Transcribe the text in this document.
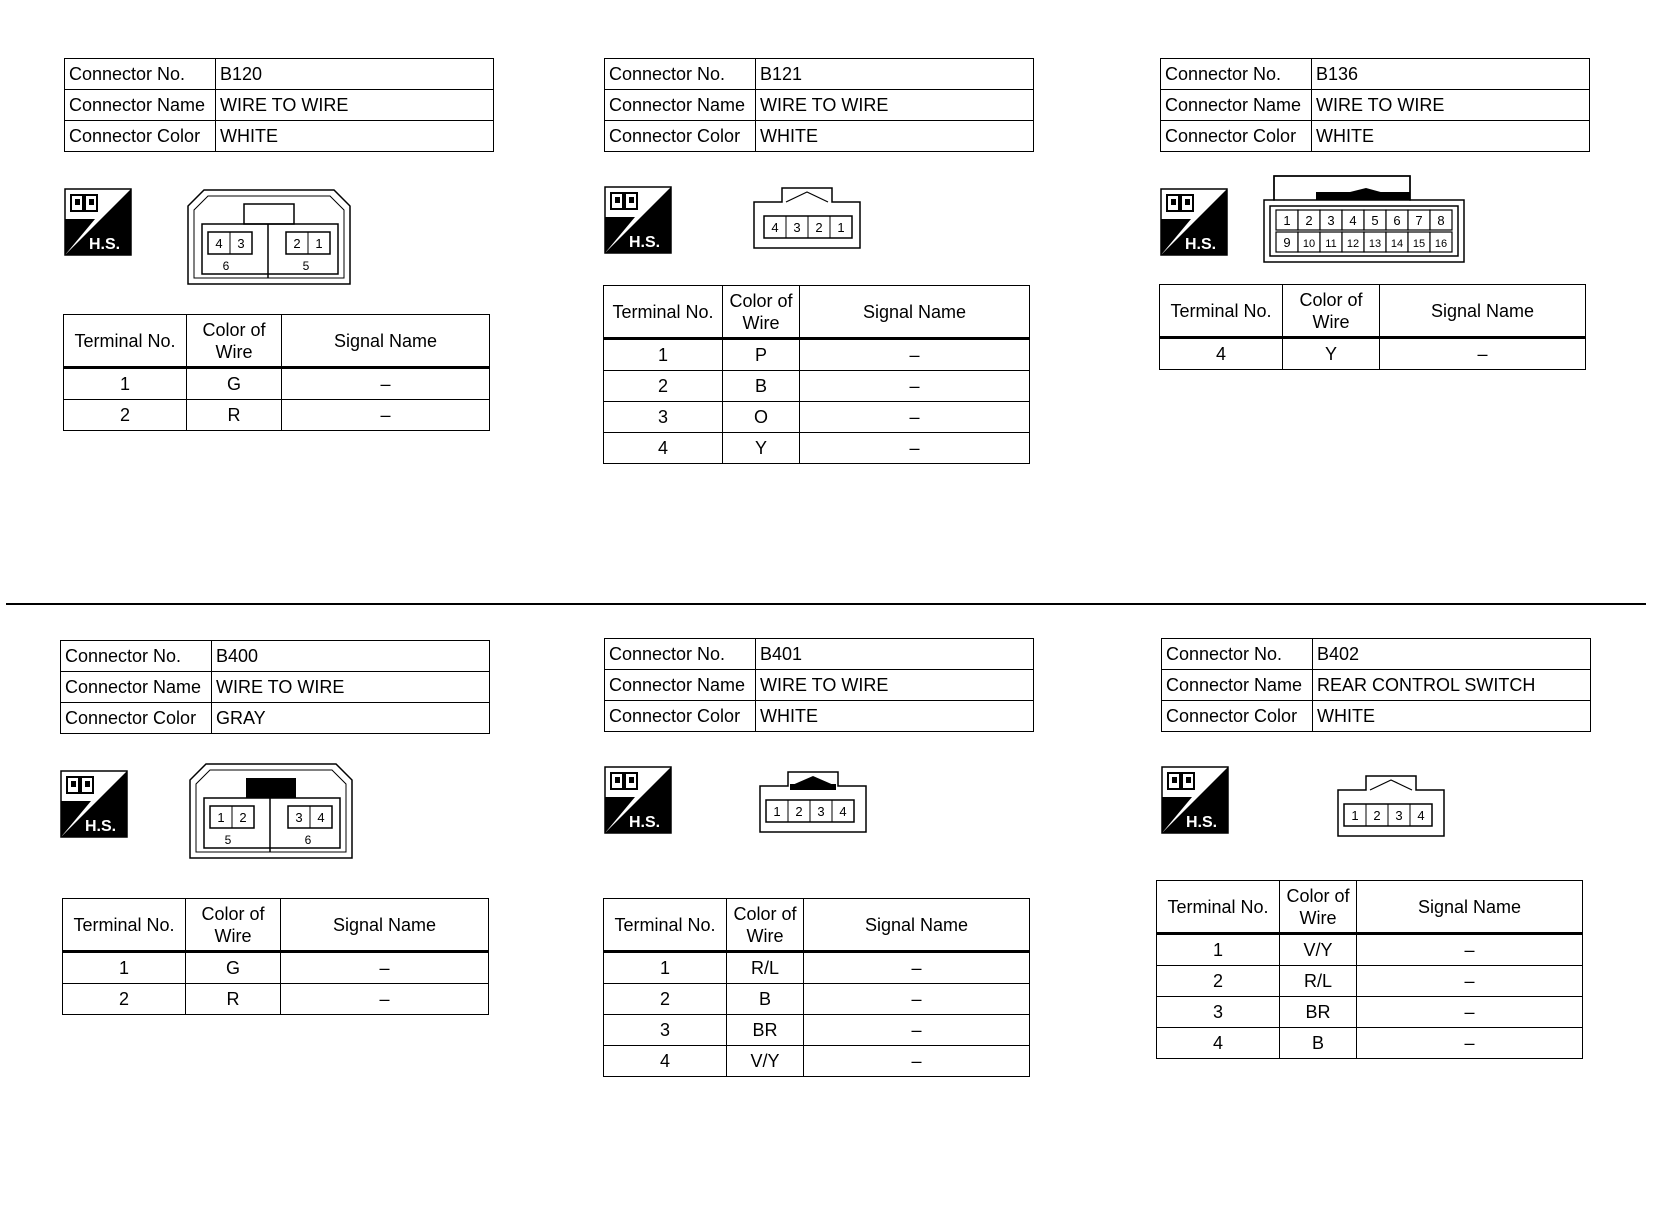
Connector No.	B120
Connector Name	WIRE TO WIRE
Connector Color	WHITE
H.S.	4 3	2 1
6	5
Terminal No.	Color of Wire	Signal Name
1	G	–
2	R	–
Connector No.	B121
Connector Name	WIRE TO WIRE
Connector Color	WHITE
H.S.
4 3 2 1
Terminal No.	Color of Wire	Signal Name
1	P	–
2	B	–
3	O	–
4	Y	–
Connector No.	B136
Connector Name	WIRE TO WIRE
Connector Color	WHITE
H.S.
1 2 3 4 5 6 7 8
9 10 11 12 13 14 15 16
Terminal No.	Color of Wire	Signal Name
4	Y	–
Connector No.	B400
Connector Name	WIRE TO WIRE
Connector Color	GRAY
H.S.
1 2	3 4
5	6
Terminal No.	Color of Wire	Signal Name
1	G	–
2	R	–
Connector No.	B401
Connector Name	WIRE TO WIRE
Connector Color	WHITE
H.S.
1 2 3 4
Terminal No.	Color of Wire	Signal Name
1	R/L	–
2	B	–
3	BR	–
4	V/Y	–
Connector No.	B402
Connector Name	REAR CONTROL SWITCH
Connector Color	WHITE
H.S.	1 2 3 4
Terminal No.	Color of Wire	Signal Name
1	V/Y	–
2	R/L	–
3	BR	–
4	B	–
